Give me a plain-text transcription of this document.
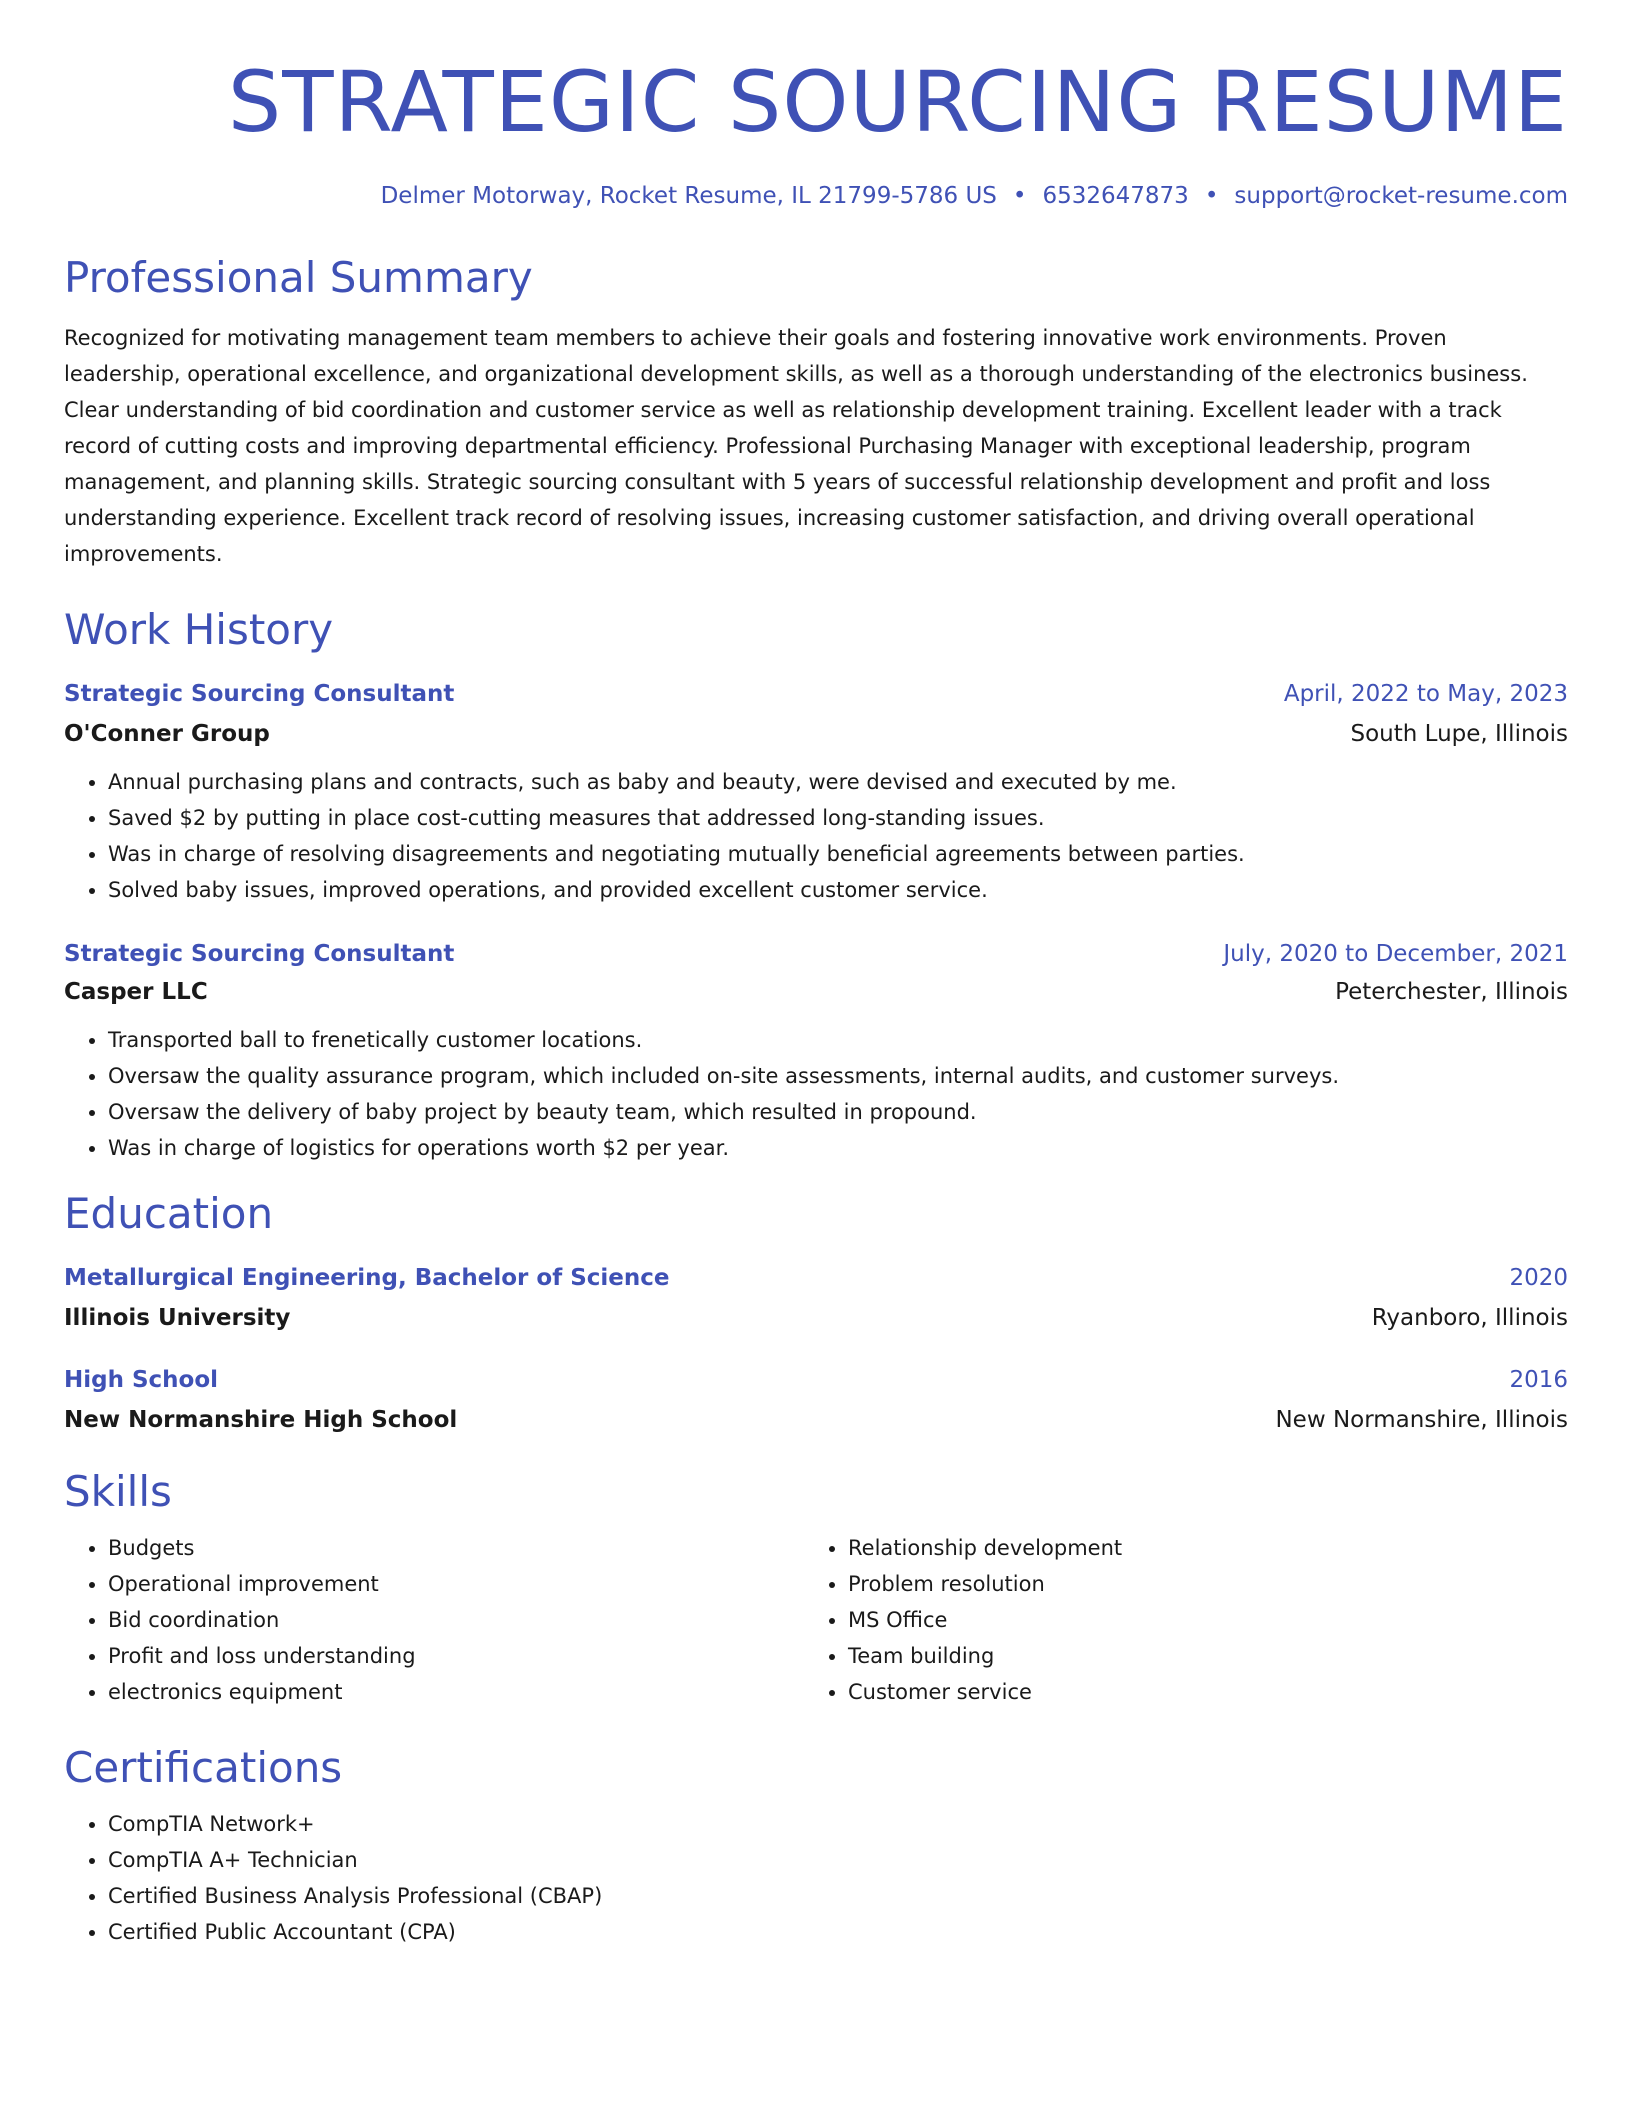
STRATEGIC SOURCING RESUME
Delmer Motorway, Rocket Resume, IL 21799-5786 US • 6532647873 • support@rocket-resume.com
Professional Summary

Recognized for motivating management team members to achieve their goals and fostering innovative work environments. Proven leadership, operational excellence, and organizational development skills, as well as a thorough understanding of the electronics business. Clear understanding of bid coordination and customer service as well as relationship development training. Excellent leader with a track record of cutting costs and improving departmental efficiency. Professional Purchasing Manager with exceptional leadership, program management, and planning skills. Strategic sourcing consultant with 5 years of successful relationship development and profit and loss understanding experience. Excellent track record of resolving issues, increasing customer satisfaction, and driving overall operational improvements.

Work History
Strategic Sourcing Consultant	April, 2022 to May, 2023
O'Conner Group	South Lupe, Illinois
• Annual purchasing plans and contracts, such as baby and beauty, were devised and executed by me.
• Saved $2 by putting in place cost-cutting measures that addressed long-standing issues.
• Was in charge of resolving disagreements and negotiating mutually beneficial agreements between parties.
• Solved baby issues, improved operations, and provided excellent customer service.
Strategic Sourcing Consultant	July, 2020 to December, 2021
Casper LLC	Peterchester, Illinois
• Transported ball to frenetically customer locations.
• Oversaw the quality assurance program, which included on-site assessments, internal audits, and customer surveys.
• Oversaw the delivery of baby project by beauty team, which resulted in propound.
• Was in charge of logistics for operations worth $2 per year.
Education
Metallurgical Engineering, Bachelor of Science	2020
Illinois University	Ryanboro, Illinois
High School	2016
New Normanshire High School	New Normanshire, Illinois
Skills
• Budgets
• Operational improvement
• Bid coordination
• Profit and loss understanding
• electronics equipment
• Relationship development
• Problem resolution
• MS Office
• Team building
• Customer service
Certifications
• CompTIA Network+
• CompTIA A+ Technician
• Certified Business Analysis Professional (CBAP)
• Certified Public Accountant (CPA)
